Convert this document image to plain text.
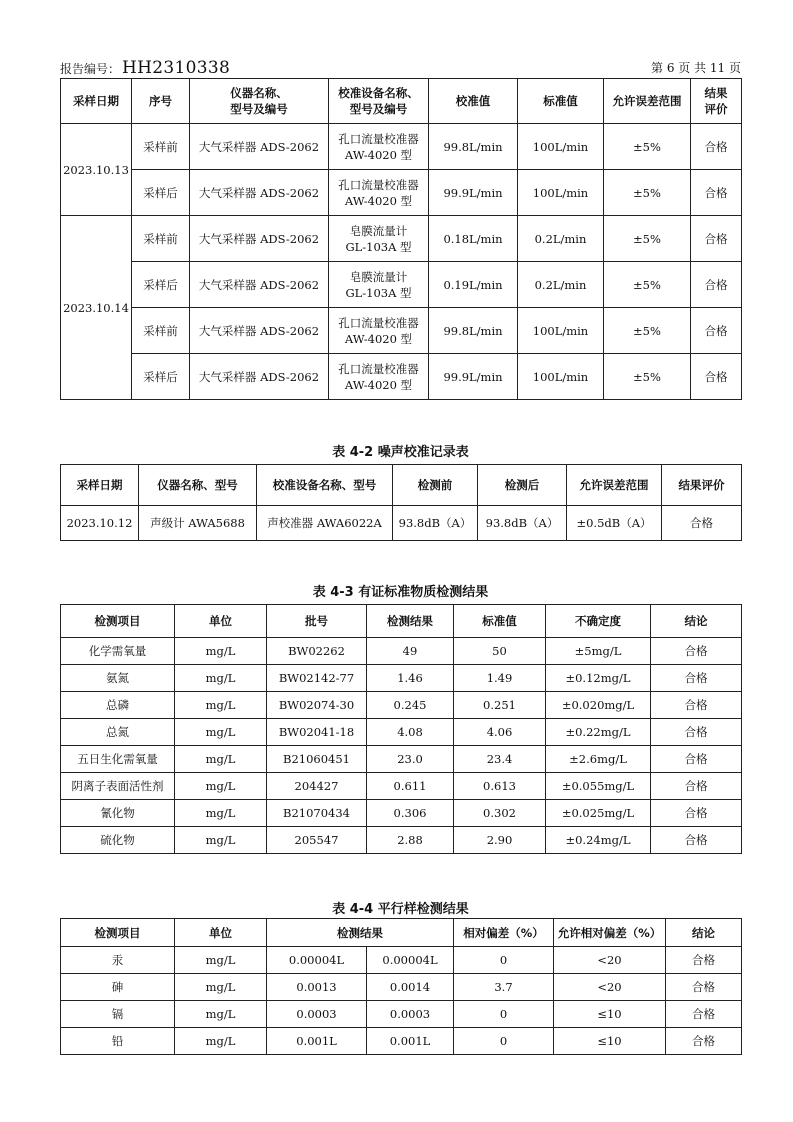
报告编号： HH2310338	第 6 页 共 11 页
采样日期	序号	仪器名称、
型号及编号	校准设备名称、
型号及编号	校准值	标准值	允许误差范围	结果
评价
2023.10.13	采样前	大气采样器 ADS-2062	孔口流量校准器
AW-4020 型	99.8L/min	100L/min	±5%	合格
	采样后	大气采样器 ADS-2062	孔口流量校准器
AW-4020 型	99.9L/min	100L/min	±5%	合格
2023.10.14	采样前	大气采样器 ADS-2062	皂膜流量计
GL-103A 型	0.18L/min	0.2L/min	±5%	合格
	采样后	大气采样器 ADS-2062	皂膜流量计
GL-103A 型	0.19L/min	0.2L/min	±5%	合格
	采样前	大气采样器 ADS-2062	孔口流量校准器
AW-4020 型	99.8L/min	100L/min	±5%	合格
	采样后	大气采样器 ADS-2062	孔口流量校准器
AW-4020 型	99.9L/min	100L/min	±5%	合格
表 4-2 噪声校准记录表
采样日期	仪器名称、型号	校准设备名称、型号	检测前	检测后	允许误差范围	结果评价
2023.10.12	声级计 AWA5688	声校准器 AWA6022A	93.8dB（A）	93.8dB（A）	±0.5dB（A）	合格
表 4-3 有证标准物质检测结果
检测项目	单位	批号	检测结果	标准值	不确定度	结论
化学需氧量	mg/L	BW02262	49	50	±5mg/L	合格
氨氮	mg/L	BW02142-77	1.46	1.49	±0.12mg/L	合格
总磷	mg/L	BW02074-30	0.245	0.251	±0.020mg/L	合格
总氮	mg/L	BW02041-18	4.08	4.06	±0.22mg/L	合格
五日生化需氧量	mg/L	B21060451	23.0	23.4	±2.6mg/L	合格
阴离子表面活性剂	mg/L	204427	0.611	0.613	±0.055mg/L	合格
氰化物	mg/L	B21070434	0.306	0.302	±0.025mg/L	合格
硫化物	mg/L	205547	2.88	2.90	±0.24mg/L	合格
表 4-4 平行样检测结果
检测项目	单位	检测结果		相对偏差（%）	允许相对偏差（%）	结论
汞	mg/L	0.00004L	0.00004L	0	<20	合格
砷	mg/L	0.0013	0.0014	3.7	<20	合格
镉	mg/L	0.0003	0.0003	0	≤10	合格
铅	mg/L	0.001L	0.001L	0	≤10	合格
